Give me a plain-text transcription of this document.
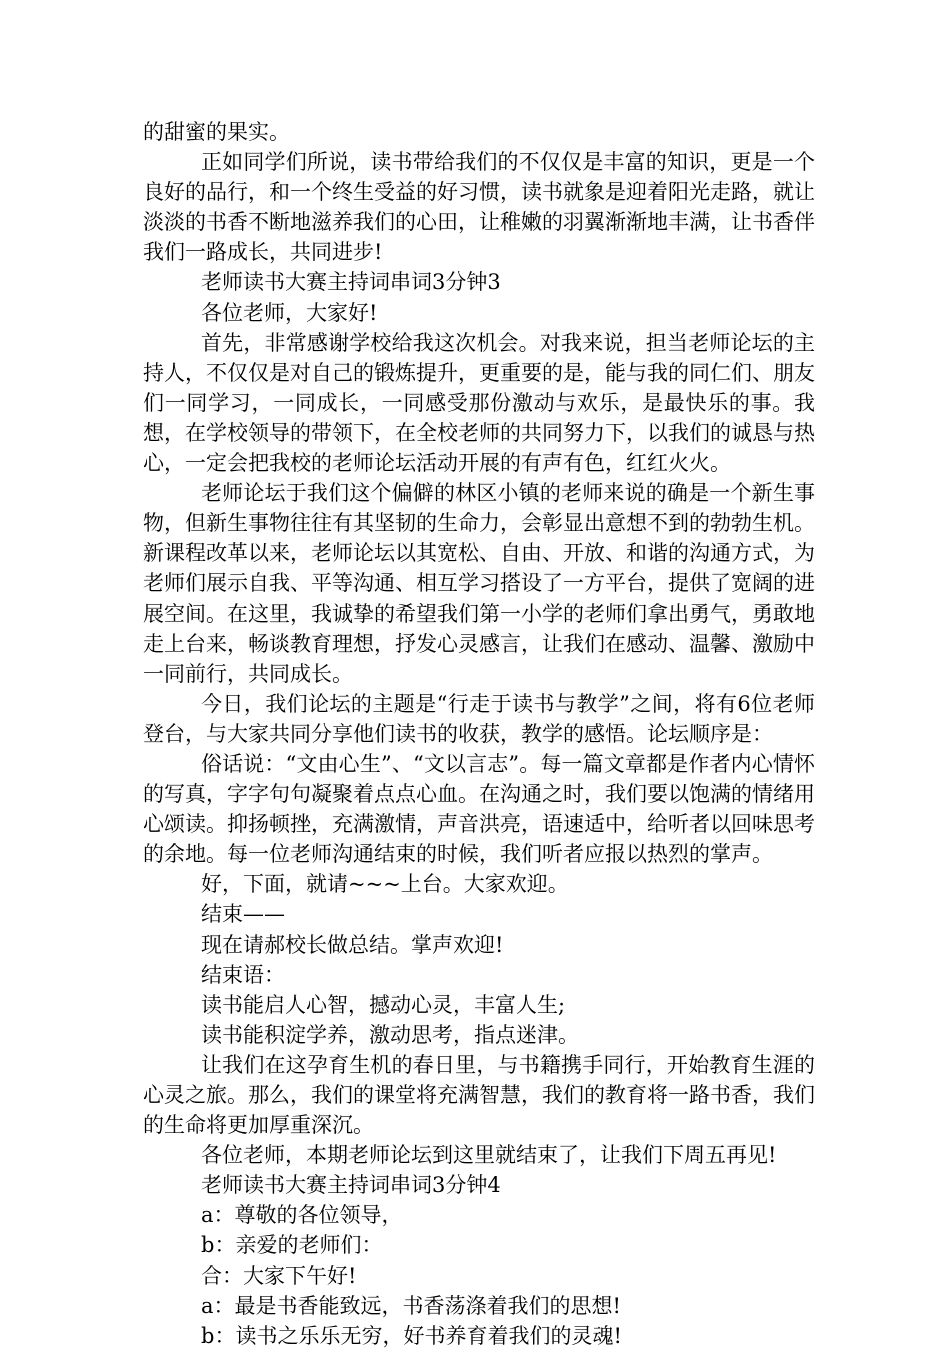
的甜蜜的果实。

正如同学们所说，读书带给我们的不仅仅是丰富的知识，更是一个良好的品行，和一个终生受益的好习惯，读书就象是迎着阳光走路，就让淡淡的书香不断地滋养我们的心田，让稚嫩的羽翼渐渐地丰满，让书香伴我们一路成长，共同进步!

老师读书大赛主持词串词3分钟3

各位老师，大家好!

首先，非常感谢学校给我这次机会。对我来说，担当老师论坛的主持人，不仅仅是对自己的锻炼提升，更重要的是，能与我的同仁们、朋友们一同学习，一同成长，一同感受那份激动与欢乐，是最快乐的事。我想，在学校领导的带领下，在全校老师的共同努力下，以我们的诚恳与热心，一定会把我校的老师论坛活动开展的有声有色，红红火火。

老师论坛于我们这个偏僻的林区小镇的老师来说的确是一个新生事物，但新生事物往往有其坚韧的生命力，会彰显出意想不到的勃勃生机。新课程改革以来，老师论坛以其宽松、自由、开放、和谐的沟通方式，为老师们展示自我、平等沟通、相互学习搭设了一方平台，提供了宽阔的进展空间。在这里，我诚挚的希望我们第一小学的老师们拿出勇气，勇敢地走上台来，畅谈教育理想，抒发心灵感言，让我们在感动、温馨、激励中一同前行，共同成长。

今日，我们论坛的主题是“行走于读书与教学”之间，将有6位老师登台，与大家共同分享他们读书的收获，教学的感悟。论坛顺序是：

俗话说：“文由心生”、“文以言志”。每一篇文章都是作者内心情怀的写真，字字句句凝聚着点点心血。在沟通之时，我们要以饱满的情绪用心颂读。抑扬顿挫，充满激情，声音洪亮，语速适中，给听者以回味思考的余地。每一位老师沟通结束的时候，我们听者应报以热烈的掌声。

好，下面，就请~~~上台。大家欢迎。

结束——

现在请郝校长做总结。掌声欢迎!

结束语：

读书能启人心智，撼动心灵，丰富人生;

读书能积淀学养，激动思考，指点迷津。

让我们在这孕育生机的春日里，与书籍携手同行，开始教育生涯的心灵之旅。那么，我们的课堂将充满智慧，我们的教育将一路书香，我们的生命将更加厚重深沉。

各位老师，本期老师论坛到这里就结束了，让我们下周五再见!

老师读书大赛主持词串词3分钟4

a：尊敬的各位领导，

b：亲爱的老师们：

合：大家下午好!

a：最是书香能致远，书香荡涤着我们的思想!

b：读书之乐乐无穷，好书养育着我们的灵魂!
